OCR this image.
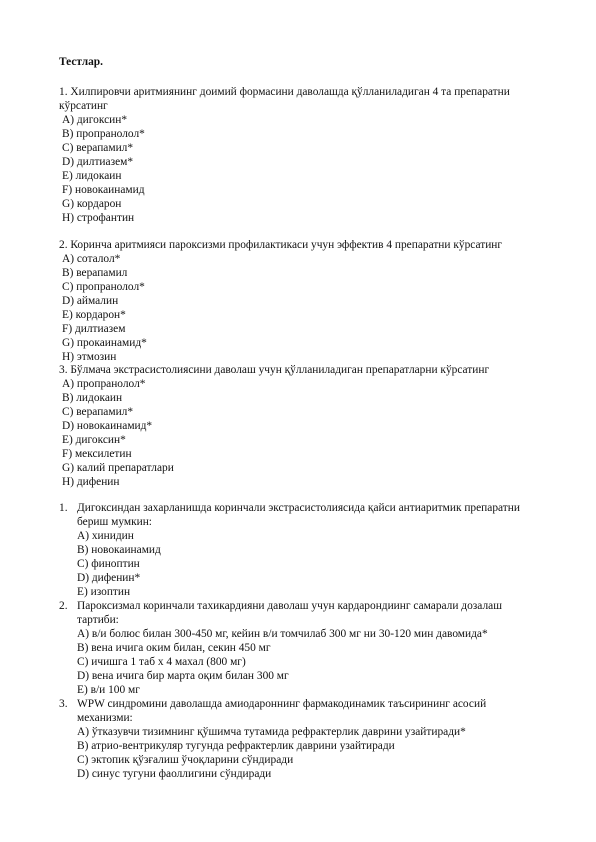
Тестлар.
1. Хилпировчи аритмиянинг доимий формасини даволашда қўлланиладиган 4 та препаратни
кўрсатинг
А) дигоксин*
В) пропранолол*
С) верапамил*
D) дилтиазем*
Е) лидокаин
F) новокаинамид
G) кордарон
Н) строфантин
2. Коринча аритмияси пароксизми профилактикаси учун эффектив 4 препаратни кўрсатинг
А) соталол*
В) верапамил
С) пропранолол*
D) аймалин
Е) кордарон*
F) дилтиазем
G) прокаинамид*
Н) этмозин
3. Бўлмача экстрасистолиясини даволаш учун қўлланиладиган препаратларни кўрсатинг
А) пропранолол*
В) лидокаин
С) верапамил*
D) новокаинамид*
Е) дигоксин*
F) мексилетин
G) калий препаратлари
Н) дифенин
1. Дигоксиндан захарланишда коринчали экстрасистолиясида қайси антиаритмик препаратни
бериш мумкин:
А) хинидин
В) новокаинамид
С) финоптин
D) дифенин*
Е) изоптин
2. Пароксизмал коринчали тахикардияни даволаш учун кардарондиинг самарали дозалаш
тартиби:
А) в/и болюс билан 300-450 мг, кейин в/и томчилаб 300 мг ни 30-120 мин давомида*
В) вена ичига оким билан, секин 450 мг
С) ичишга 1 таб х 4 махал (800 мг)
D) вена ичига бир марта оқим билан 300 мг
Е) в/и 100 мг
3. WPW синдромини даволашда амиодароннинг фармакодинамик таъсирининг асосий
механизми:
А) ўтказувчи тизимнинг қўшимча тутамида рефрактерлик даврини узайтиради*
В) атрио-вентрикуляр тугунда рефрактерлик даврини узайтиради
С) эктопик қўзғалиш ўчоқларини сўндиради
D) синус тугуни фаоллигини сўндиради
